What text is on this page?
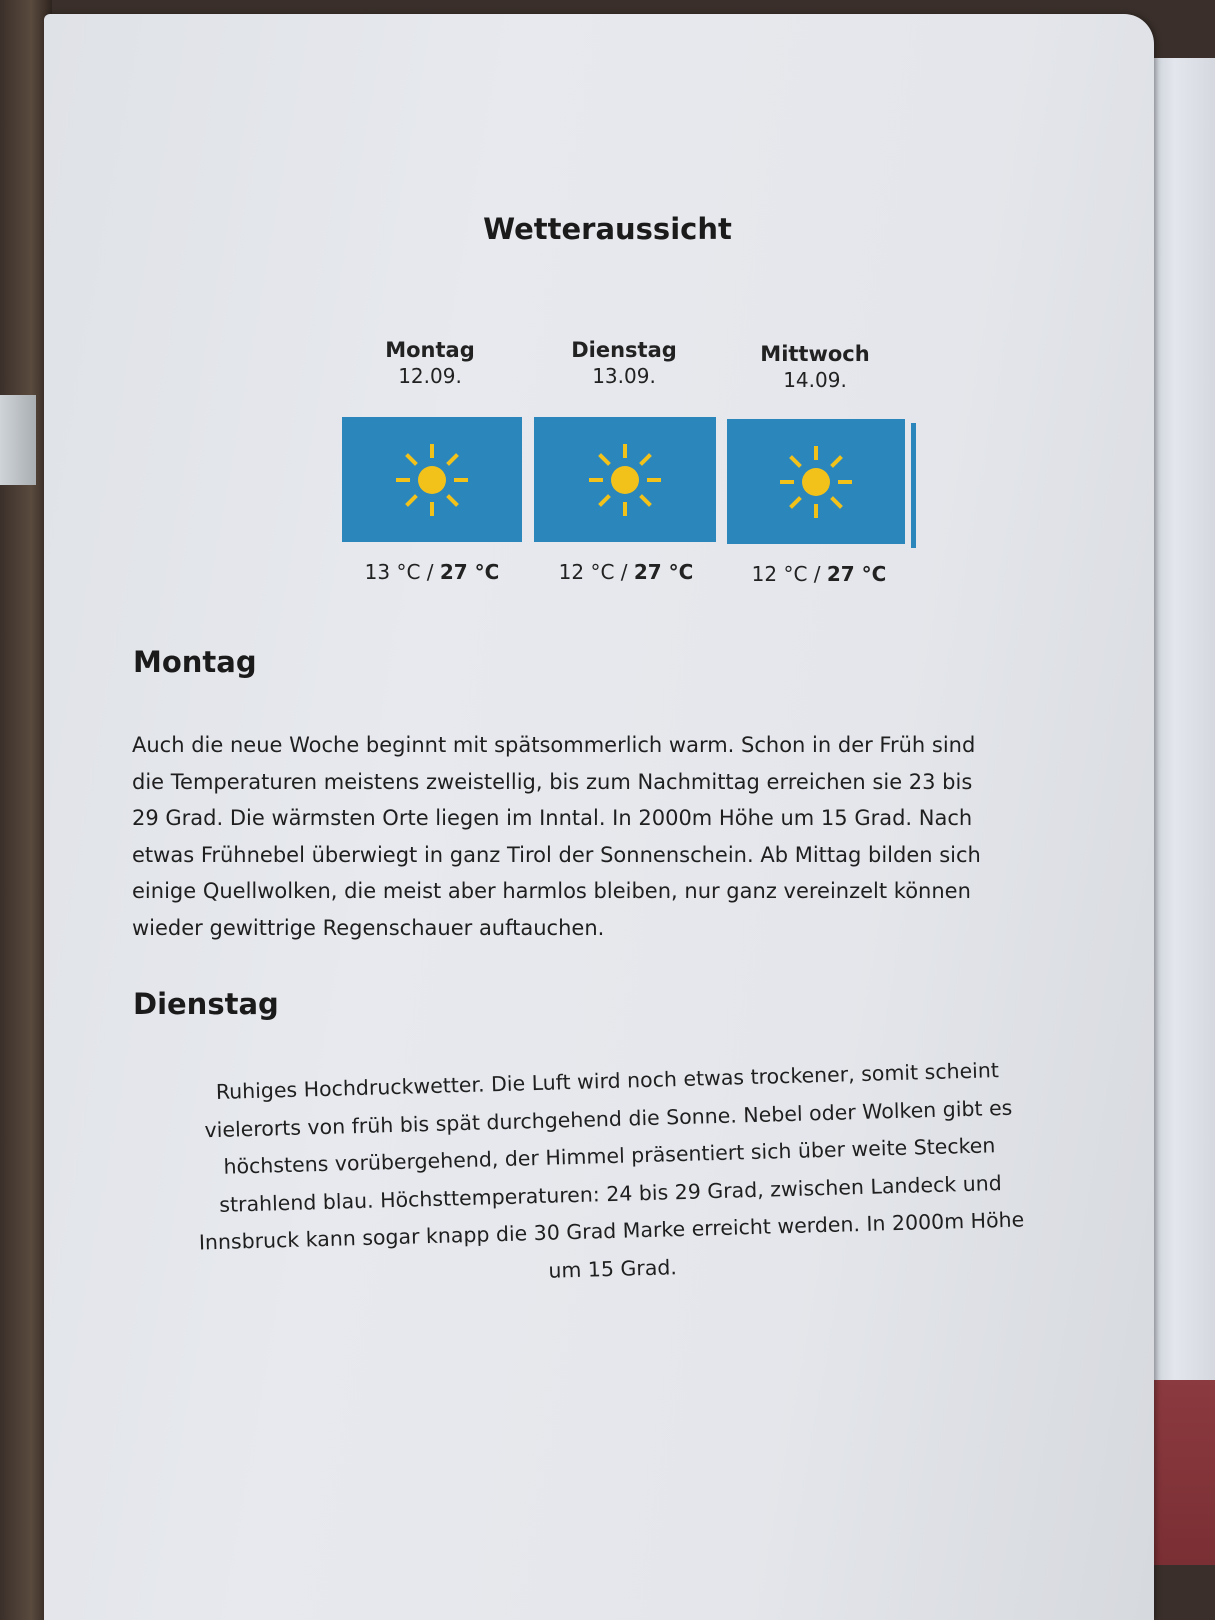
Wetteraussicht
Montag
12.09.
Dienstag
13.09.
Mittwoch
14.09.
13 °C / 27 °C	12 °C / 27 °C	12 °C / 27 °C
Montag
Auch die neue Woche beginnt mit spätsommerlich warm. Schon in der Früh sind
die Temperaturen meistens zweistellig, bis zum Nachmittag erreichen sie 23 bis
29 Grad. Die wärmsten Orte liegen im Inntal. In 2000m Höhe um 15 Grad. Nach
etwas Frühnebel überwiegt in ganz Tirol der Sonnenschein. Ab Mittag bilden sich
einige Quellwolken, die meist aber harmlos bleiben, nur ganz vereinzelt können
wieder gewittrige Regenschauer auftauchen.
Dienstag
Ruhiges Hochdruckwetter. Die Luft wird noch etwas trockener, somit scheint
vielerorts von früh bis spät durchgehend die Sonne. Nebel oder Wolken gibt es
höchstens vorübergehend, der Himmel präsentiert sich über weite Stecken
strahlend blau. Höchsttemperaturen: 24 bis 29 Grad, zwischen Landeck und
Innsbruck kann sogar knapp die 30 Grad Marke erreicht werden. In 2000m Höhe
um 15 Grad.
